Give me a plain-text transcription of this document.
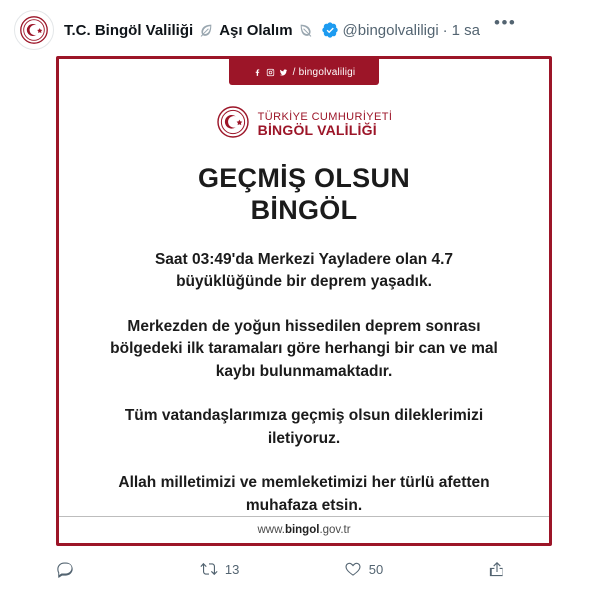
T.C. Bingöl Valiliği Aşı Olalım	@bingolvaliligi · 1 sa •••
/ bingolvaliligi
TÜRKİYE CUMHURİYETİ
BİNGÖL VALİLİĞİ
GEÇMİŞ OLSUN
BİNGÖL

Saat 03:49'da Merkezi Yayladere olan 4.7 büyüklüğünde bir deprem yaşadık.

Merkezden de yoğun hissedilen deprem sonrası bölgedeki ilk taramaları göre herhangi bir can ve mal kaybı bulunmamaktadır.

Tüm vatandaşlarımıza geçmiş olsun dileklerimizi iletiyoruz.

Allah milletimizi ve memleketimizi her türlü afetten muhafaza etsin.

www. bingol .gov.tr
13	50
